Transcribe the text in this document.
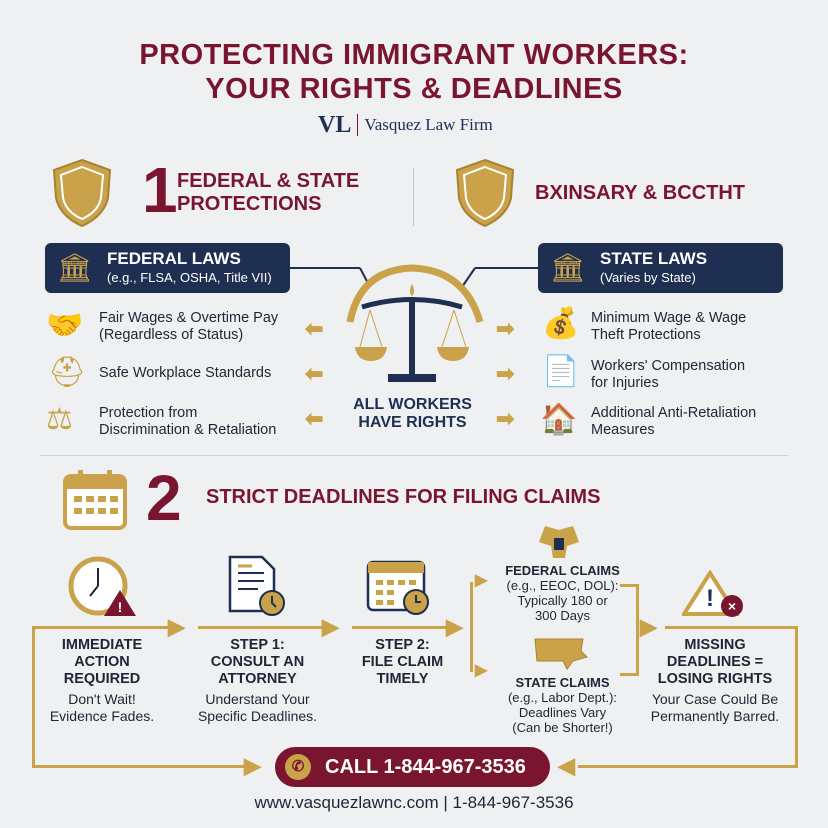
PROTECTING IMMIGRANT WORKERS:
YOUR RIGHTS & DEADLINES
VL Vasquez Law Firm
1 FEDERAL & STATE
PROTECTIONS	BXINSARY & BCCTHT
🏛 FEDERAL LAWS
(e.g., FLSA, OSHA, Title VII)	🏛 STATE LAWS
(Varies by State)
ALL WORKERS
HAVE RIGHTS
🤝 Fair Wages & Overtime Pay
(Regardless of Status)
⛑ Safe Workplace Standards
⚖ Protection from
Discrimination & Retaliation
⬅
⬅
⬅
➡
➡
➡
💰 Minimum Wage & Wage
Theft Protections
📄 Workers' Compensation
for Injuries
🏠 Additional Anti-Retaliation
Measures
2 STRICT DEADLINES FOR FILING CLAIMS
▶	▶	▶	▶
▶	◀
▶
▶
!	! ×
IMMEDIATE
ACTION
REQUIRED
Don't Wait!
Evidence Fades.
STEP 1:
CONSULT AN
ATTORNEY
Understand Your
Specific Deadlines.
STEP 2:
FILE CLAIM
TIMELY
FEDERAL CLAIMS
(e.g., EEOC, DOL):
Typically 180 or
300 Days
STATE CLAIMS
(e.g., Labor Dept.):
Deadlines Vary
(Can be Shorter!)
MISSING
DEADLINES =
LOSING RIGHTS
Your Case Could Be
Permanently Barred.
✆	CALL 1-844-967-3536
www.vasquezlawnc.com | 1-844-967-3536
